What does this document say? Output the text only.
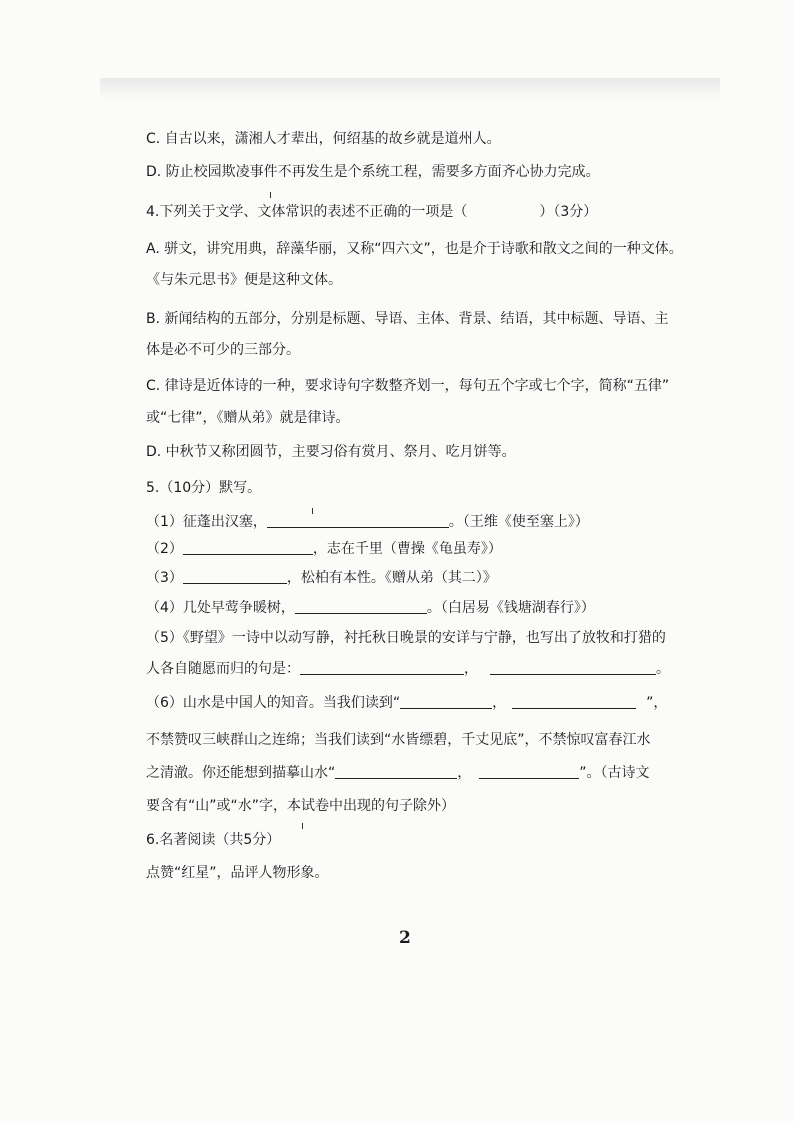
C. 自古以来，潇湘人才辈出，何绍基的故乡就是道州人。
D. 防止校园欺凌事件不再发生是个系统工程，需要多方面齐心协力完成。
4.下列关于文学、文体常识的表述不正确的一项是（	）（3分）
A. 骈文，讲究用典，辞藻华丽，又称“四六文”，也是介于诗歌和散文之间的一种文体。
《与朱元思书》便是这种文体。
B. 新闻结构的五部分，分别是标题、导语、主体、背景、结语，其中标题、导语、主
体是必不可少的三部分。
C. 律诗是近体诗的一种，要求诗句字数整齐划一，每句五个字或七个字，简称“五律”
或“七律”，《赠从弟》就是律诗。
D. 中秋节又称团圆节，主要习俗有赏月、祭月、吃月饼等。
5.（10分）默写。
（1）征蓬出汉塞，	。（王维《使至塞上》）
（2）	，志在千里（曹操《龟虽寿》）
（3）	，松柏有本性。《赠从弟（其二）》
（4）几处早莺争暖树，	。（白居易《钱塘湖春行》）
（5）《野望》一诗中以动写静，衬托秋日晚景的安详与宁静，也写出了放牧和打猎的
人各自随愿而归的句是：	，	。
（6）山水是中国人的知音。当我们读到“	，	”，
不禁赞叹三峡群山之连绵；当我们读到“水皆缥碧，千丈见底”，不禁惊叹富春江水
之清澈。你还能想到描摹山水“	，	”。（古诗文
要含有“山”或“水”字，本试卷中出现的句子除外）
6.名著阅读（共5分）
点赞“红星”，品评人物形象。
2
